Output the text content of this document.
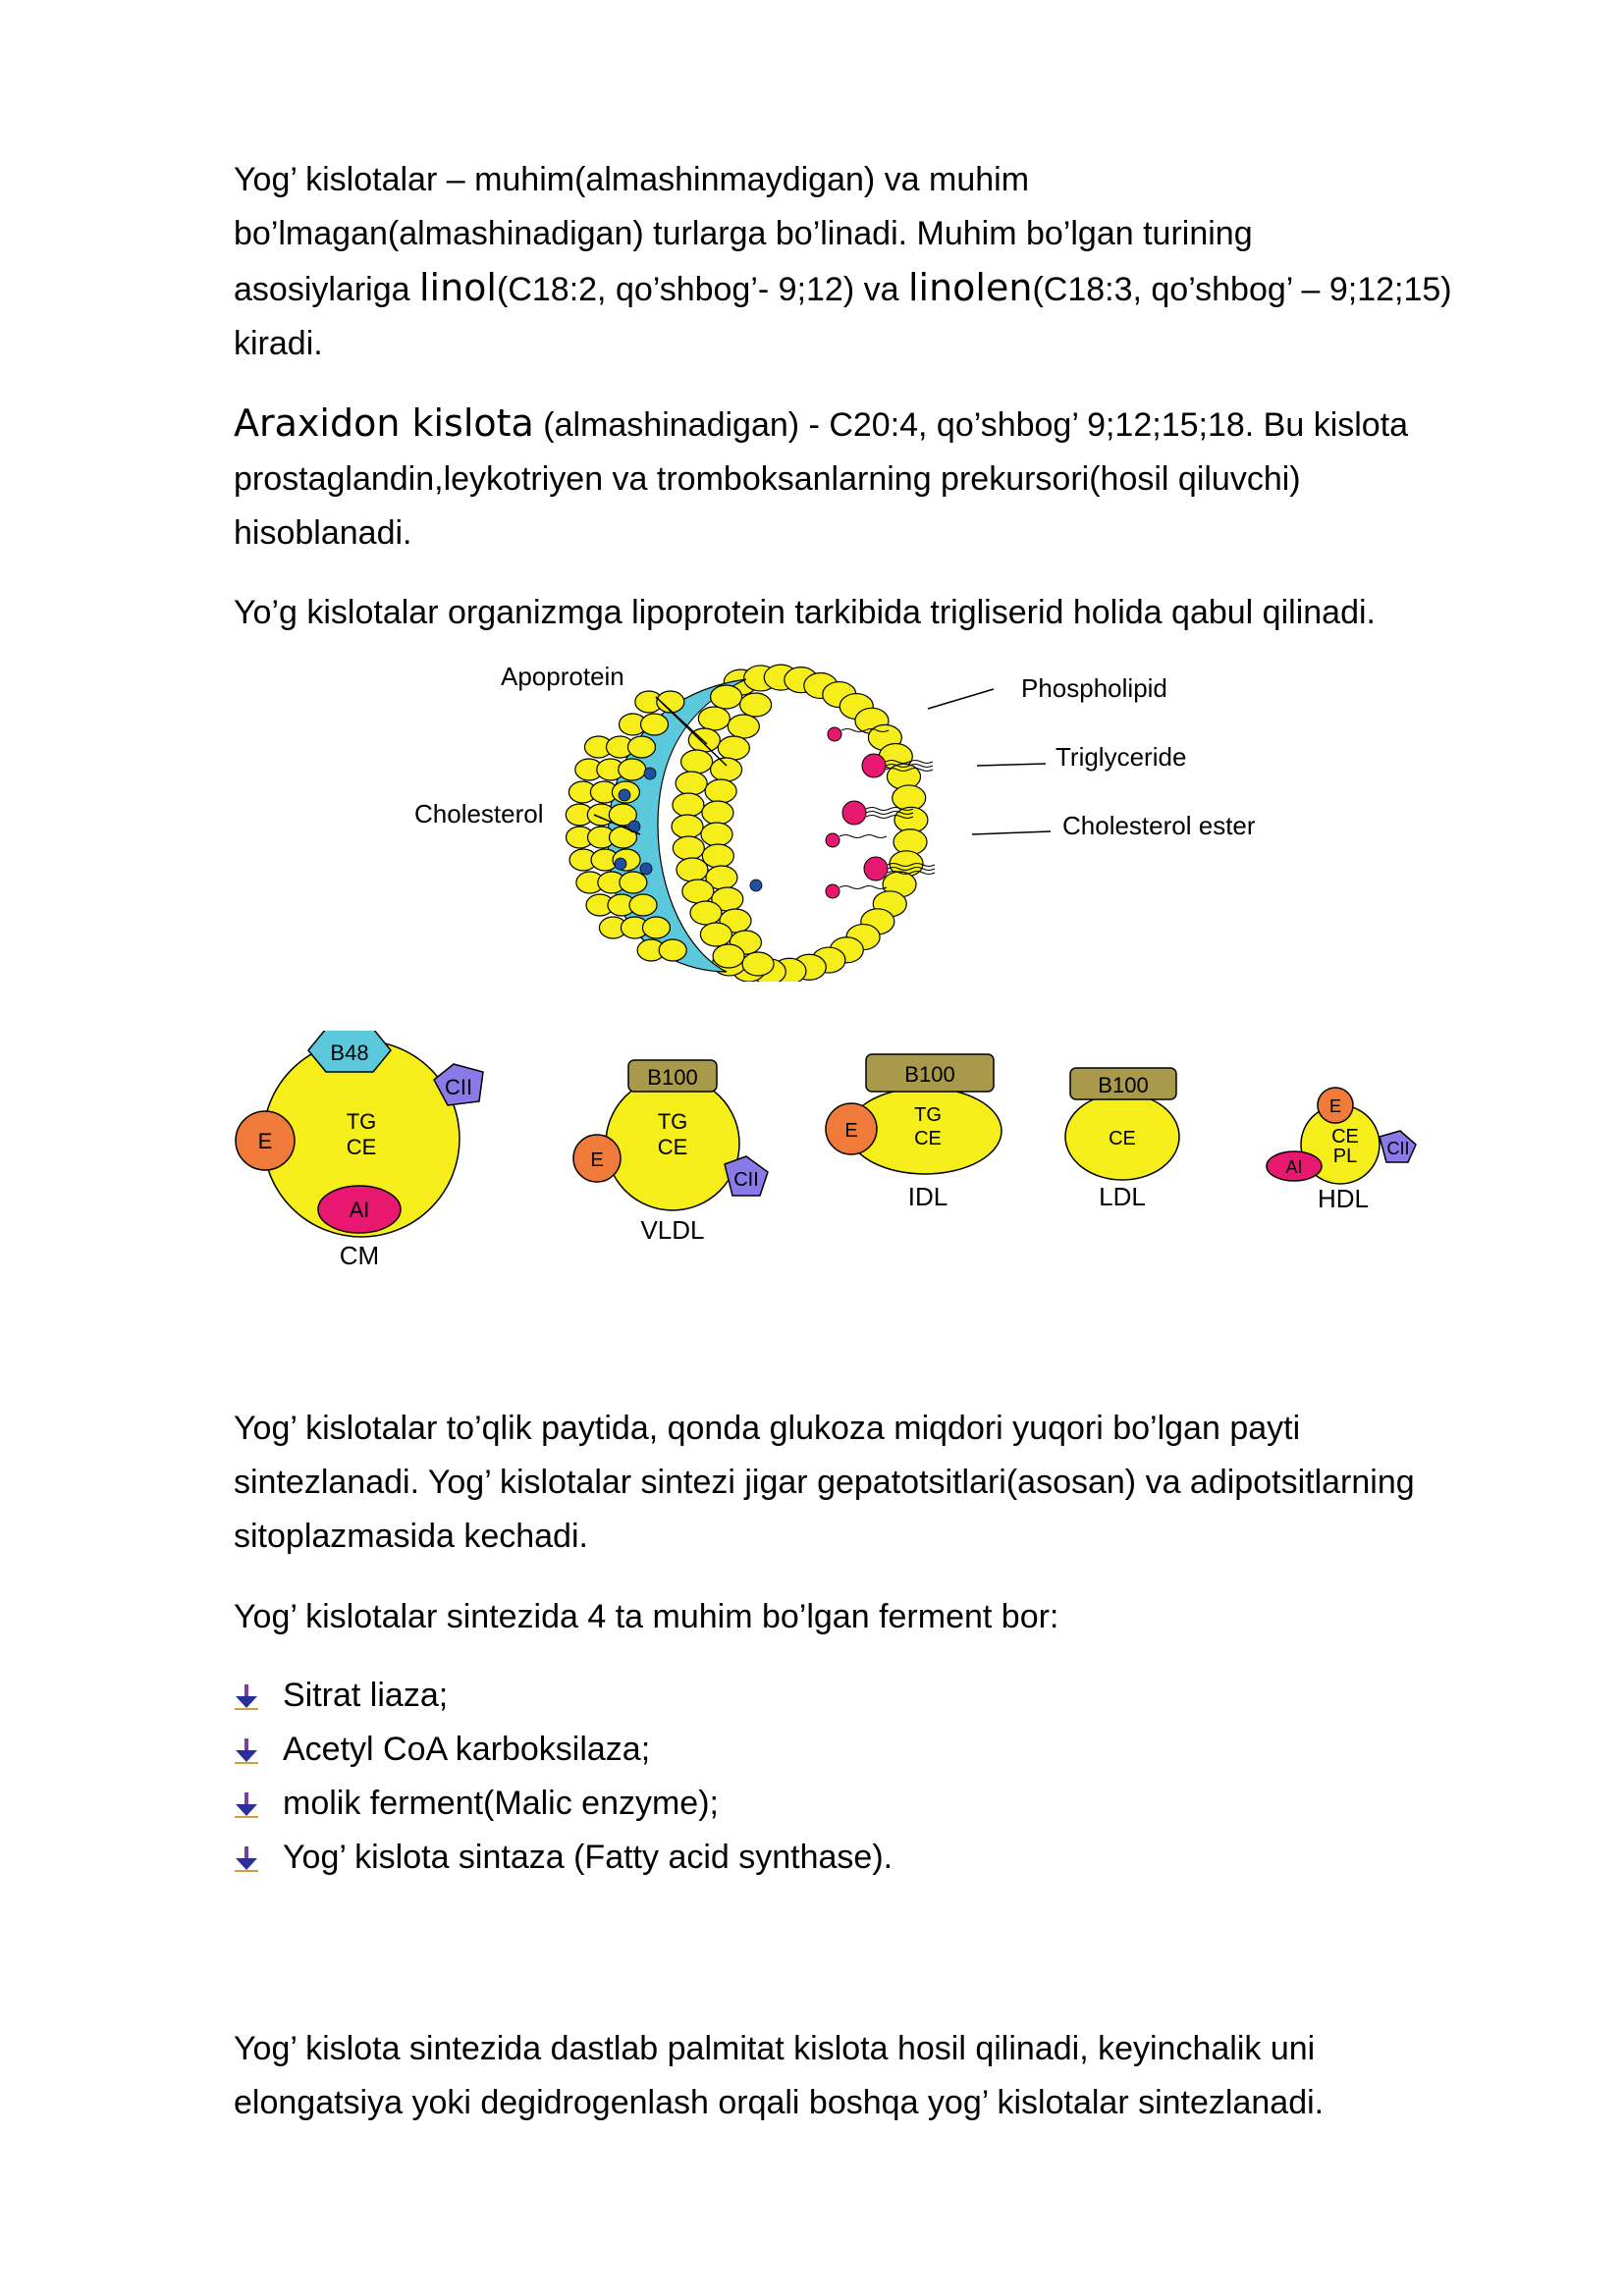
Yog’ kislotalar – muhim(almashinmaydigan) va muhim
bo’lmagan(almashinadigan) turlarga bo’linadi. Muhim bo’lgan turining
asosiylariga linol(C18:2, qo’shbog’- 9;12) va linolen(C18:3, qo’shbog’ – 9;12;15)
kiradi.

Araxidon kislota (almashinadigan) - C20:4, qo’shbog’ 9;12;15;18. Bu kislota
prostaglandin,leykotriyen va tromboksanlarning prekursori(hosil qiluvchi)
hisoblanadi.

Yo’g kislotalar organizmga lipoprotein tarkibida trigliserid holida qabul qilinadi.

Apoprotein	Phospholipid
Triglyceride
Cholesterol	Cholesterol ester
B48
CII
E
AI
TG
CE
CM
B100
E
CII
TG
CE
VLDL
B100
E
TG
CE
IDL
B100
CE
LDL
E
AI
CII
CE
PL
HDL

Yog’ kislotalar to’qlik paytida, qonda glukoza miqdori yuqori bo’lgan payti
sintezlanadi. Yog’ kislotalar sintezi jigar gepatotsitlari(asosan) va adipotsitlarning
sitoplazmasida kechadi.

Yog’ kislotalar sintezida 4 ta muhim bo’lgan ferment bor:

Sitrat liaza;
Acetyl CoA karboksilaza;
molik ferment(Malic enzyme);
Yog’ kislota sintaza (Fatty acid synthase).

Yog’ kislota sintezida dastlab palmitat kislota hosil qilinadi, keyinchalik uni
elongatsiya yoki degidrogenlash orqali boshqa yog’ kislotalar sintezlanadi.
